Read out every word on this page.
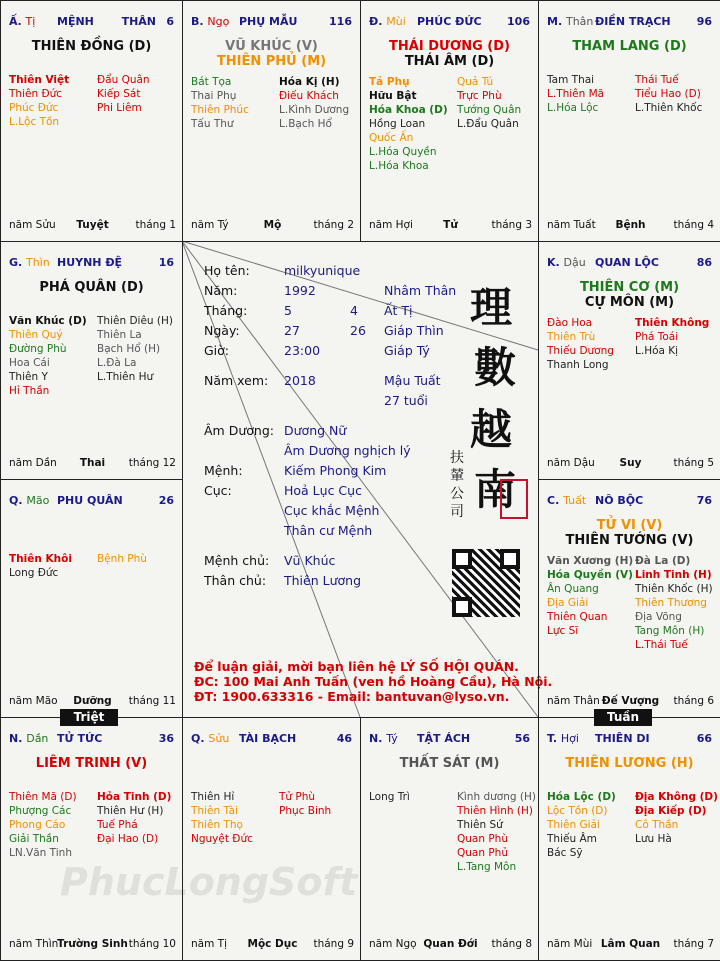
PhucLongSoft
Họ tên:	milkyunique
Năm:	1992	Nhâm Thân
Tháng:	5	4 Ất Tị
Ngày:	27	26 Giáp Thìn
Giờ:	23:00	Giáp Tý
Năm xem: 2018	Mậu Tuất
27 tuổi
Âm Dương: Dương Nữ
Âm Dương nghịch lý
Mệnh:	Kiếm Phong Kim
Cục:	Hoả Lục Cục
Cục khắc Mệnh
Thân cư Mệnh
Mệnh chủ: Vũ Khúc
Thân chủ: Thiên Lương
理
數
越
南
扶
輦
公
司
Để luận giải, mời bạn liên hệ LÝ SỐ HỘI QUÁN.
ĐC: 100 Mai Anh Tuấn (ven hồ Hoàng Cầu), Hà Nội.
ĐT: 1900.633316 - Email: bantuvan@lyso.vn.
Ấ. Tị MỆNH	THÂN 6
THIÊN ĐỒNG (D)
Thiên Việt
Thiên Đức
Phúc Đức
L.Lộc Tồn
Đẩu Quân
Kiếp Sát
Phi Liêm
năm Sửu Tuyệt	tháng 1
B. Ngọ PHỤ MẪU	116
VŨ KHÚC (V)
THIÊN PHỦ (M)
Bát Tọa
Thai Phụ
Thiên Phúc
Tấu Thư
Hóa Kị (H)
Điếu Khách
L.Kình Dương
L.Bạch Hổ
năm Tý	Mộ	tháng 2
Đ. Mùi PHÚC ĐỨC 106
THÁI DƯƠNG (D)
THÁI ÂM (D)
Tả Phụ
Hữu Bật
Hóa Khoa (D)
Hồng Loan
Quốc Ấn
L.Hóa Quyền
L.Hóa Khoa
Quả Tú
Trực Phù
Tướng Quân
L.Đẩu Quân
năm Hợi	Tử	tháng 3
M. Thân ĐIỀN TRẠCH 96
THAM LANG (D)
Tam Thai
L.Thiên Mã
L.Hóa Lộc
Thái Tuế
Tiểu Hao (D)
L.Thiên Khốc
năm Tuất Bệnh	tháng 4
G. Thìn HUYNH ĐỆ	16
PHÁ QUÂN (D)
Văn Khúc (D)
Thiên Quý
Đường Phù
Hoa Cái
Thiên Y
Hỉ Thần
Thiên Diêu (H)
Thiên La
Bạch Hổ (H)
L.Đà La
L.Thiên Hư
năm Dần Thai tháng 12
K. Dậu QUAN LỘC	86
THIÊN CƠ (M)
CỰ MÔN (M)
Đào Hoa
Thiên Trù
Thiếu Dương
Thanh Long
Thiên Không
Phá Toái
L.Hóa Kị
năm Dậu Suy	tháng 5
Q. Mão PHU QUÂN	26
Thiên Khôi
Long Đức
Bệnh Phù
năm Mão Dưỡng tháng 11
C. Tuất NÔ BỘC	76
TỬ VI (V)
THIÊN TƯỚNG (V)
Văn Xương (H)
Hóa Quyền (V)
Ân Quang
Địa Giải
Thiên Quan
Lực Sĩ
Đà La (D)
Linh Tinh (H)
Thiên Khốc (H)
Thiên Thương
Địa Võng
Tang Môn (H)
L.Thái Tuế
năm Thân Đế Vượng tháng 6
N. Dần TỬ TỨC	36
LIÊM TRINH (V)
Thiên Mã (D)
Phượng Các
Phong Cáo
Giải Thần
LN.Văn Tinh
Hỏa Tinh (D)
Thiên Hư (H)
Tuế Phá
Đại Hao (D)
năm Thìn
Trường Sinh tháng 10
Q. Sửu TÀI BẠCH	46
Thiên Hỉ
Thiên Tài
Thiên Thọ
Nguyệt Đức
Tử Phù
Phục Binh
năm Tị Mộc Dục tháng 9
N. Tý TẬT ÁCH	56
THẤT SÁT (M)
Long Trì	Kình dương (H)
Thiên Hình (H)
Thiên Sứ
Quan Phù
Quan Phủ
L.Tang Môn
năm Ngọ Quan Đới tháng 8
T. Hợi THIÊN DI	66
THIÊN LƯƠNG (H)
Hóa Lộc (D)
Lộc Tồn (D)
Thiên Giải
Thiếu Âm
Bác Sỹ
Địa Không (D)
Địa Kiếp (D)
Cô Thần
Lưu Hà
năm Mùi Lâm Quan tháng 7
Triệt	Tuần
